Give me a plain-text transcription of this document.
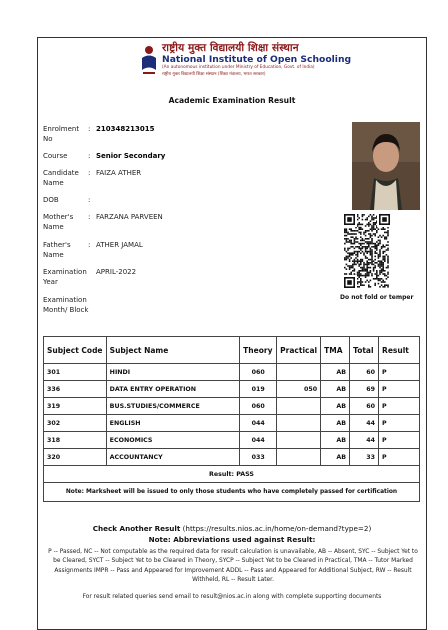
राष्ट्रीय मुक्त विद्यालयी शिक्षा संस्थान
National Institute of Open Schooling
(An autonomous institution under Ministry of Education, Govt. of India)
राष्ट्रीय मुक्त विद्यालयी शिक्षा संस्थान (शिक्षा मंत्रालय, भारत सरकार)
Academic Examination Result
Enrolment No
: 210348213015
Course	: Senior Secondary
Candidate Name
: FAIZA ATHER
DOB	:
Mother's Name
: FARZANA PARVEEN
Father's Name
: ATHER JAMAL
Examination Year
APRIL-2022
Examination Month/ Block
Do not fold or temper
Subject Code	Subject Name	Theory	Practical	TMA	Total	Result
301	HINDI	060		AB	60	P
336	DATA ENTRY OPERATION	019	050	AB	69	P
319	BUS.STUDIES/COMMERCE	060		AB	60	P
302	ENGLISH	044		AB	44	P
318	ECONOMICS	044		AB	44	P
320	ACCOUNTANCY	033		AB	33	P
Result: PASS						
Note: Marksheet will be issued to only those students who have completely passed for certification						
Check Another Result (https://results.nios.ac.in/home/on-demand?type=2)
Note: Abbreviations used against Result:
P -- Passed, NC -- Not computable as the required data for result calculation is unavailable, AB -- Absent, SYC -- Subject Yet to be Cleared, SYCT -- Subject Yet to be Cleared in Theory, SYCP -- Subject Yet to be Cleared in Practical, TMA -- Tutor Marked Assignments IMPR -- Pass and Appeared for Improvement ADDL -- Pass and Appeared for Additional Subject, RW -- Result Withheld, RL -- Result Later.
For result related queries send email to result@nios.ac.in along with complete supporting documents
